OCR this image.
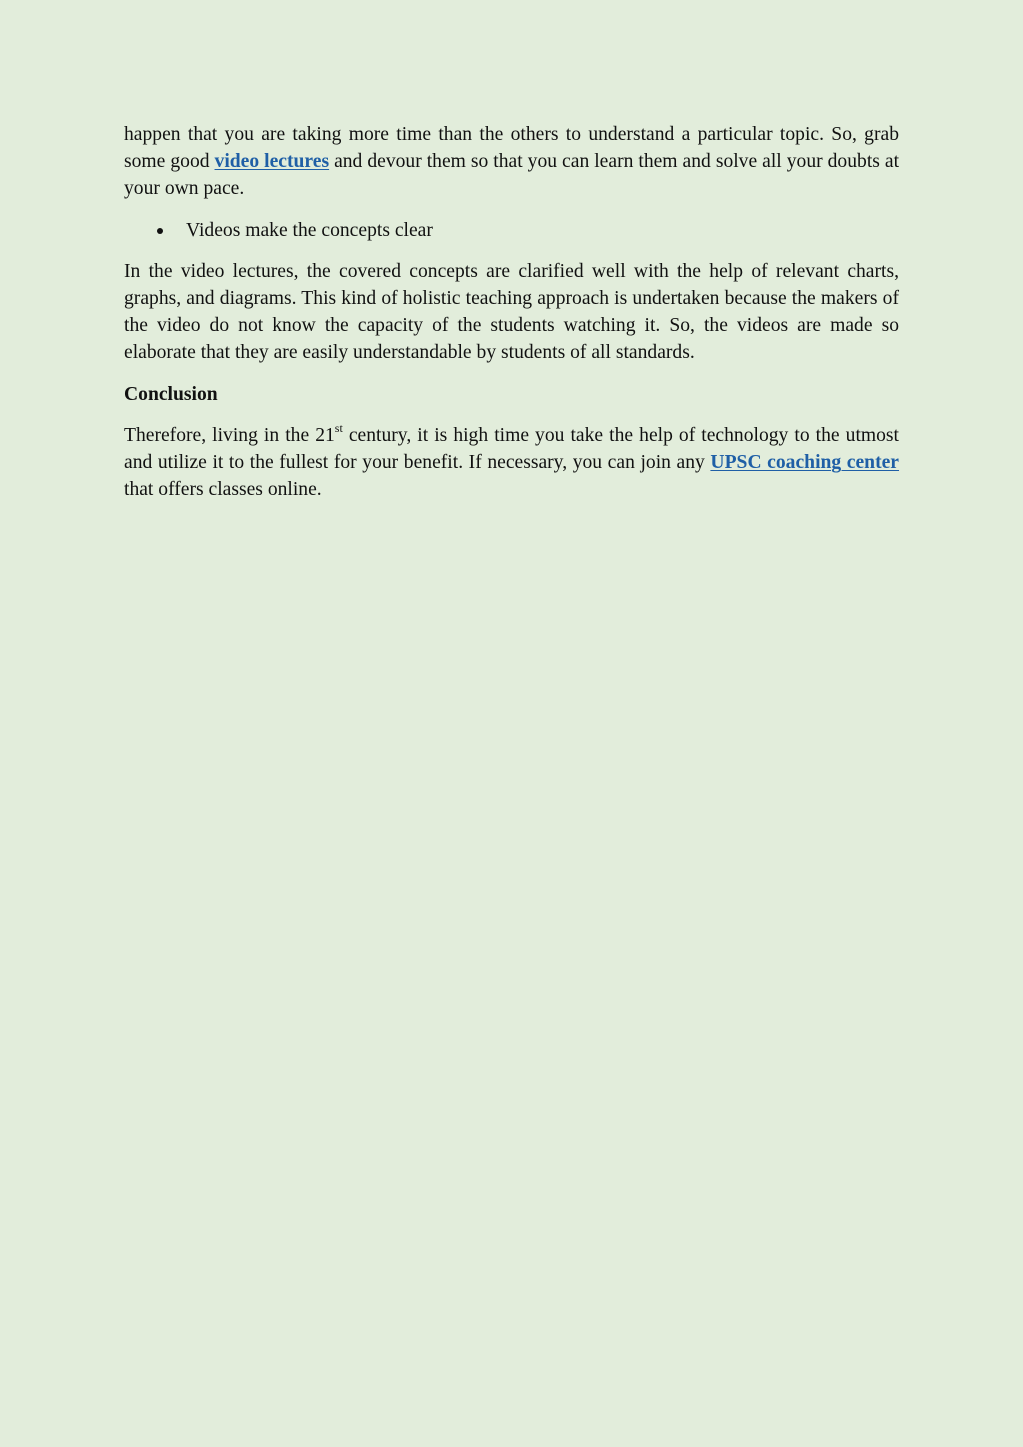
happen that you are taking more time than the others to understand a particular topic. So, grab some good video lectures and devour them so that you can learn them and solve all your doubts at your own pace.

Videos make the concepts clear

In the video lectures, the covered concepts are clarified well with the help of relevant charts, graphs, and diagrams. This kind of holistic teaching approach is undertaken because the makers of the video do not know the capacity of the students watching it. So, the videos are made so elaborate that they are easily understandable by students of all standards.

Conclusion

Therefore, living in the 21st century, it is high time you take the help of technology to the utmost and utilize it to the fullest for your benefit. If necessary, you can join any UPSC coaching center that offers classes online.
